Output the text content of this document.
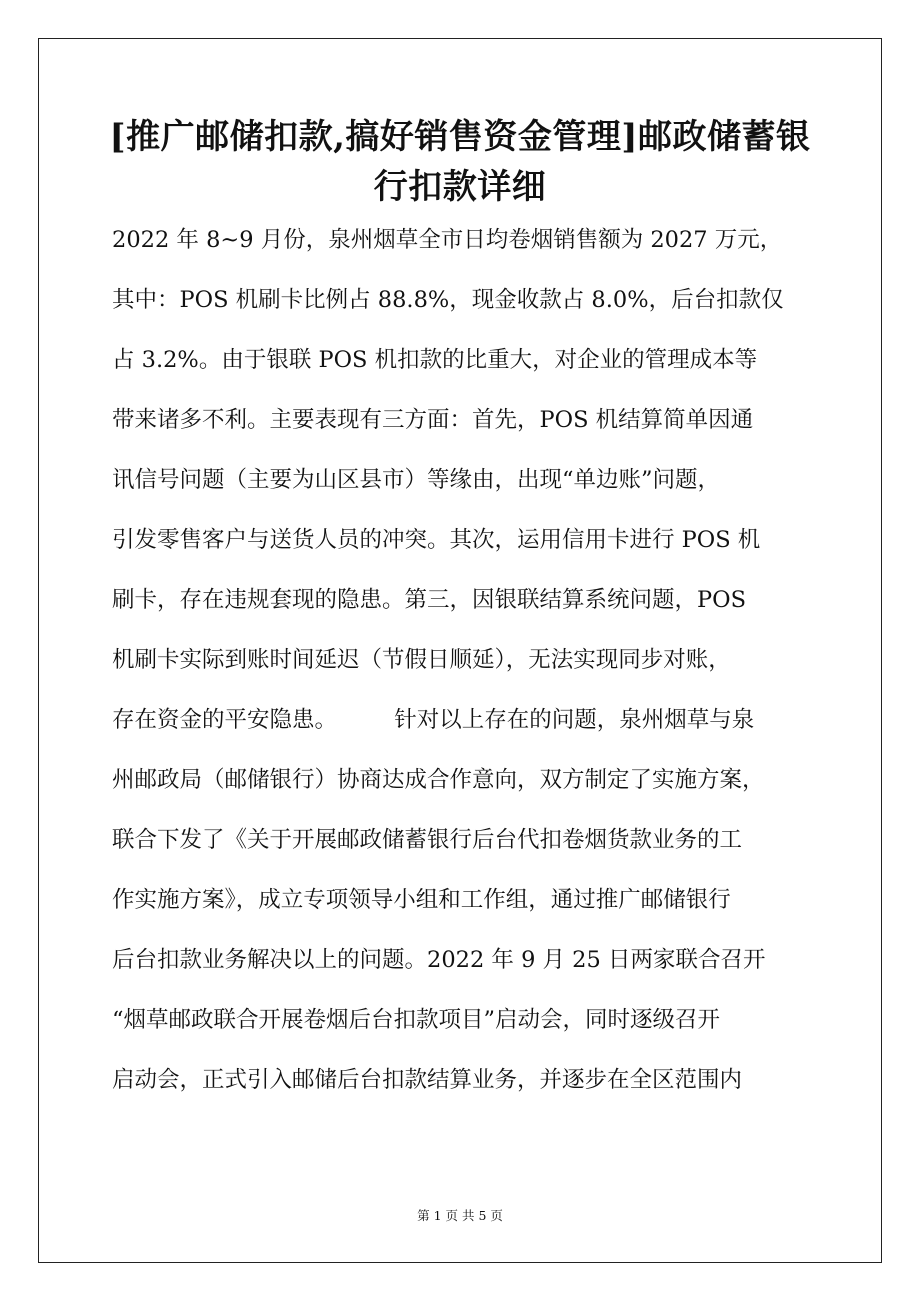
[推广邮储扣款,搞好销售资金管理]邮政储蓄银
行扣款详细
2022 年 8~9 月份，泉州烟草全市日均卷烟销售额为 2027 万元，
其中：POS 机刷卡比例占 88.8%，现金收款占 8.0%，后台扣款仅
占 3.2%。由于银联 POS 机扣款的比重大，对企业的管理成本等
带来诸多不利。主要表现有三方面：首先，POS 机结算简单因通
讯信号问题（主要为山区县市）等缘由，出现“单边账”问题，
引发零售客户与送货人员的冲突。其次，运用信用卡进行 POS 机
刷卡，存在违规套现的隐患。第三，因银联结算系统问题，POS
机刷卡实际到账时间延迟（节假日顺延），无法实现同步对账，
存在资金的平安隐患。        针对以上存在的问题，泉州烟草与泉
州邮政局（邮储银行）协商达成合作意向，双方制定了实施方案，
联合下发了《关于开展邮政储蓄银行后台代扣卷烟货款业务的工
作实施方案》，成立专项领导小组和工作组，通过推广邮储银行
后台扣款业务解决以上的问题。2022 年 9 月 25 日两家联合召开
“烟草邮政联合开展卷烟后台扣款项目”启动会，同时逐级召开
启动会，正式引入邮储后台扣款结算业务，并逐步在全区范围内
第 1 页 共 5 页
